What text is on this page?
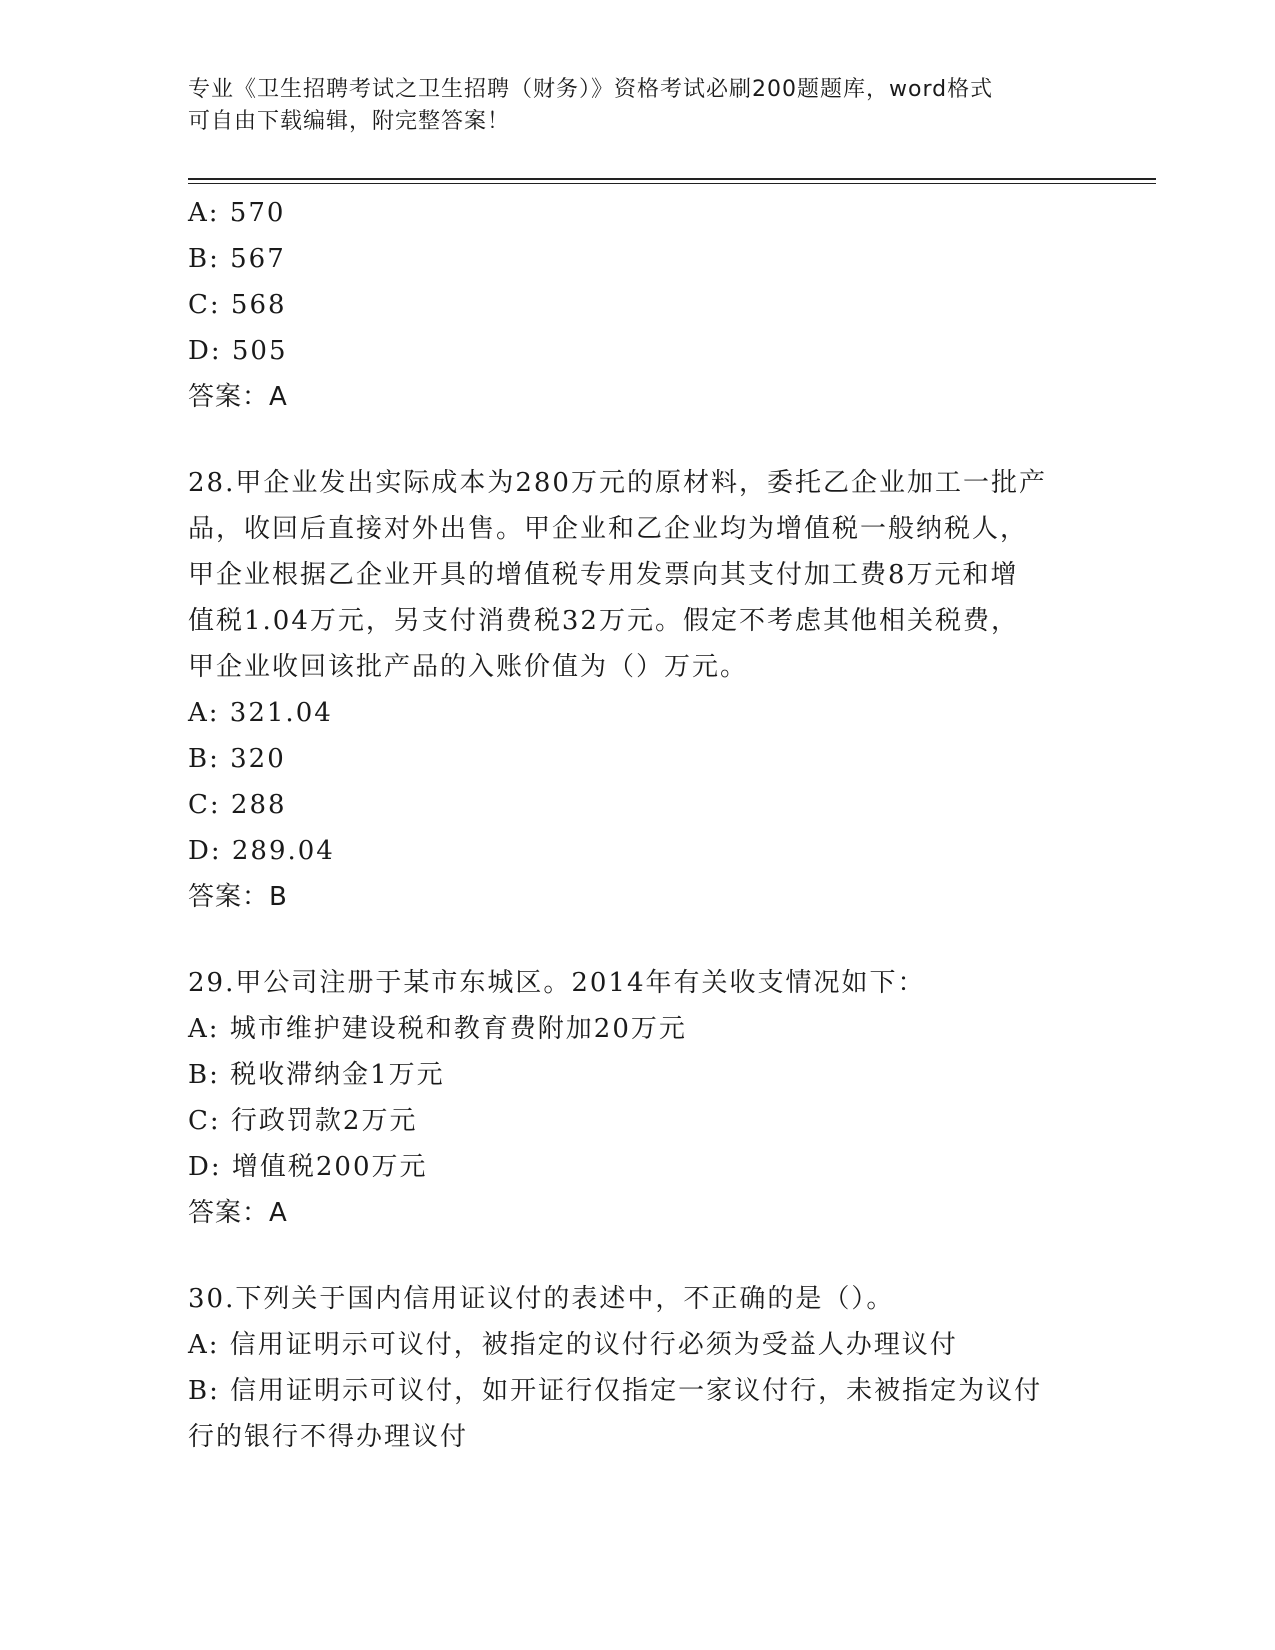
专业《卫生招聘考试之卫生招聘（财务）》资格考试必刷200题题库，word格式
可自由下载编辑，附完整答案！

A: 570

B: 567

C: 568

D: 505

答案：A

28.甲企业发出实际成本为280万元的原材料，委托乙企业加工一批产

品，收回后直接对外出售。甲企业和乙企业均为增值税一般纳税人，

甲企业根据乙企业开具的增值税专用发票向其支付加工费8万元和增

值税1.04万元，另支付消费税32万元。假定不考虑其他相关税费，

甲企业收回该批产品的入账价值为（）万元。

A: 321.04

B: 320

C: 288

D: 289.04

答案：B

29.甲公司注册于某市东城区。2014年有关收支情况如下：

A: 城市维护建设税和教育费附加20万元

B: 税收滞纳金1万元

C: 行政罚款2万元

D: 增值税200万元

答案：A

30.下列关于国内信用证议付的表述中，不正确的是（）。

A: 信用证明示可议付，被指定的议付行必须为受益人办理议付

B: 信用证明示可议付，如开证行仅指定一家议付行，未被指定为议付

行的银行不得办理议付
